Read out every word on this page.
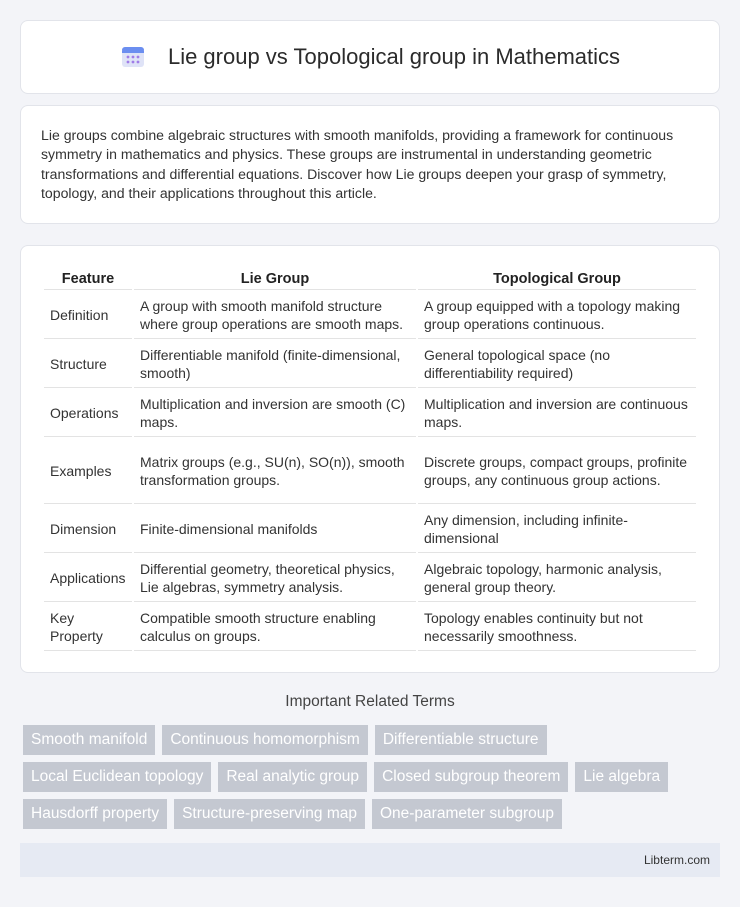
Lie group vs Topological group in Mathematics

Lie groups combine algebraic structures with smooth manifolds, providing a framework for continuous symmetry in mathematics and physics. These groups are instrumental in understanding geometric transformations and differential equations. Discover how Lie groups deepen your grasp of symmetry, topology, and their applications throughout this article.

Feature	Lie Group	Topological Group
Definition	A group with smooth manifold structure where group operations are smooth maps.	A group equipped with a topology making group operations continuous.
Structure	Differentiable manifold (finite-dimensional, smooth)	General topological space (no differentiability required)
Operations	Multiplication and inversion are smooth (C) maps.	Multiplication and inversion are continuous maps.
Examples	Matrix groups (e.g., SU(n), SO(n)), smooth transformation groups.	Discrete groups, compact groups, profinite groups, any continuous group actions.
Dimension	Finite-dimensional manifolds	Any dimension, including infinite-dimensional
Applications	Differential geometry, theoretical physics, Lie algebras, symmetry analysis.	Algebraic topology, harmonic analysis, general group theory.
Key Property	Compatible smooth structure enabling calculus on groups.	Topology enables continuity but not necessarily smoothness.
Important Related Terms
Smooth manifold	Continuous homomorphism	Differentiable structure
Local Euclidean topology	Real analytic group	Closed subgroup theorem	Lie algebra
Hausdorff property	Structure-preserving map	One-parameter subgroup
Libterm.com
